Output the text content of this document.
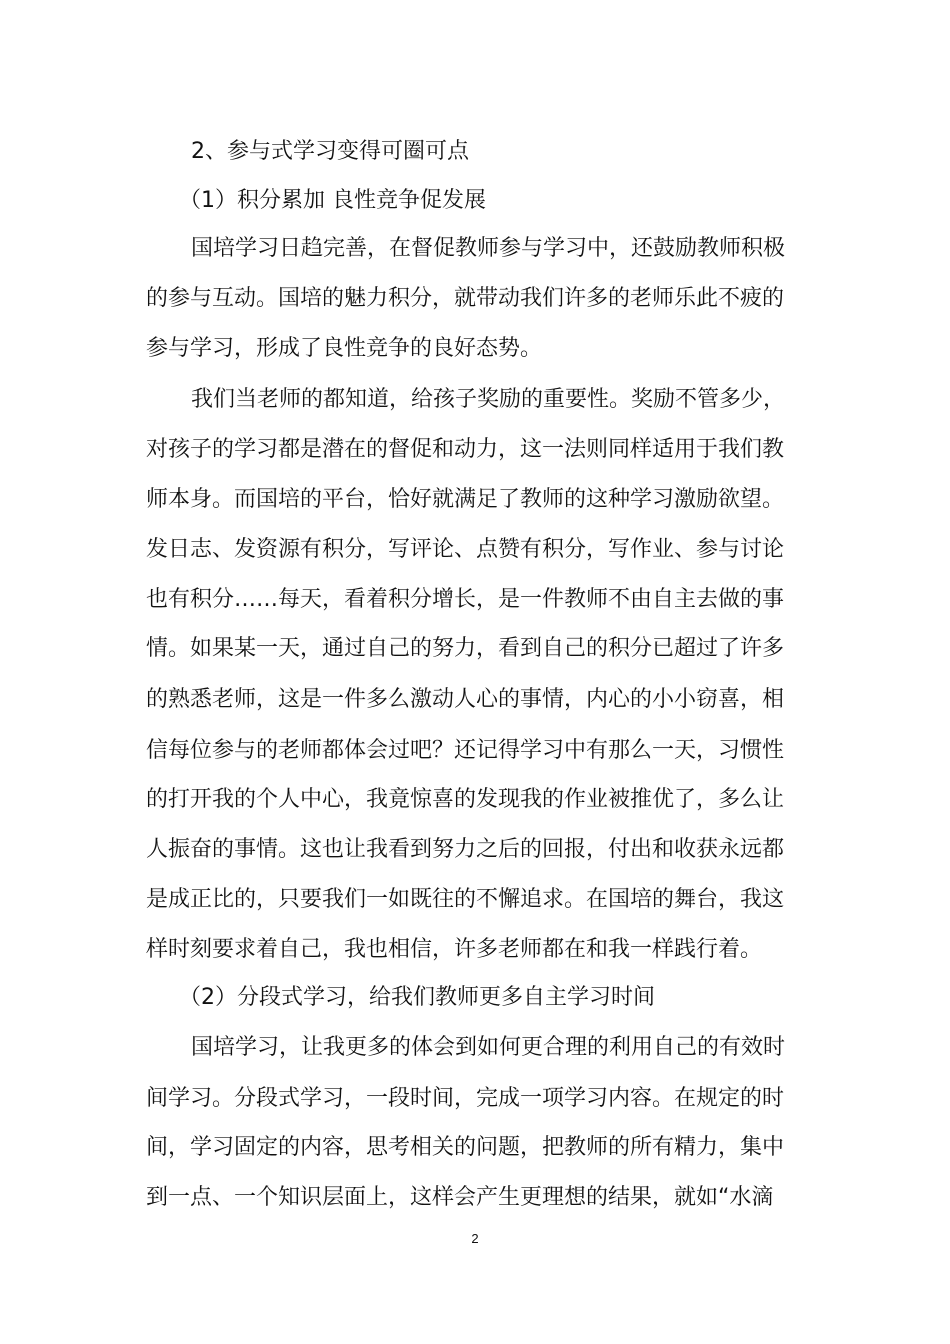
2、参与式学习变得可圈可点
（1）积分累加 良性竞争促发展
国培学习日趋完善，在督促教师参与学习中，还鼓励教师积极
的参与互动。国培的魅力积分，就带动我们许多的老师乐此不疲的
参与学习，形成了良性竞争的良好态势。
我们当老师的都知道，给孩子奖励的重要性。奖励不管多少，
对孩子的学习都是潜在的督促和动力，这一法则同样适用于我们教
师本身。而国培的平台，恰好就满足了教师的这种学习激励欲望。
发日志、发资源有积分，写评论、点赞有积分，写作业、参与讨论
也有积分……每天，看着积分增长，是一件教师不由自主去做的事
情。如果某一天，通过自己的努力，看到自己的积分已超过了许多
的熟悉老师，这是一件多么激动人心的事情，内心的小小窃喜，相
信每位参与的老师都体会过吧？还记得学习中有那么一天，习惯性
的打开我的个人中心，我竟惊喜的发现我的作业被推优了，多么让
人振奋的事情。这也让我看到努力之后的回报，付出和收获永远都
是成正比的，只要我们一如既往的不懈追求。在国培的舞台，我这
样时刻要求着自己，我也相信，许多老师都在和我一样践行着。
（2）分段式学习，给我们教师更多自主学习时间
国培学习，让我更多的体会到如何更合理的利用自己的有效时
间学习。分段式学习，一段时间，完成一项学习内容。在规定的时
间，学习固定的内容，思考相关的问题，把教师的所有精力，集中
到一点、一个知识层面上，这样会产生更理想的结果，就如“水滴
2
